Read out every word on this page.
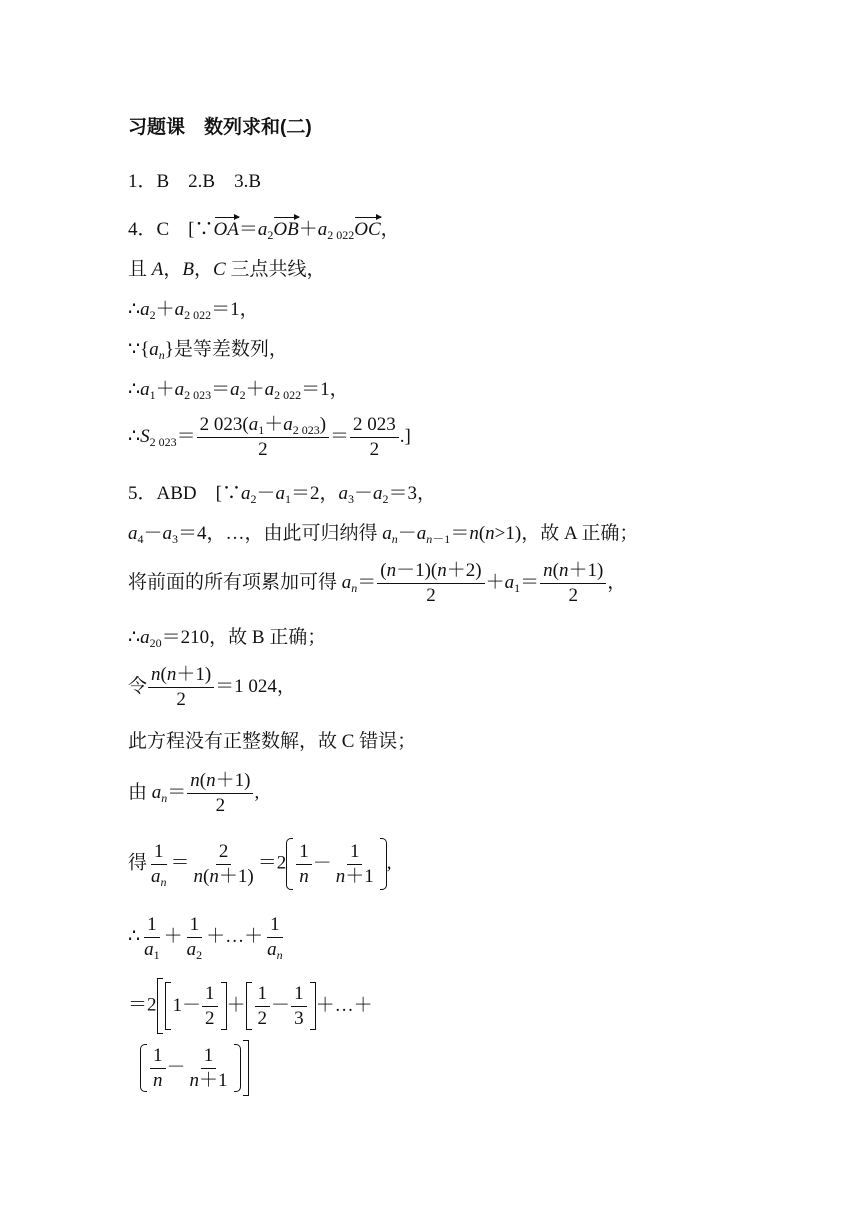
习题课　数列求和(二)
1．B　2.B　3.B
4．C　[$\because OA=a_2OB+a_{2 022}OC$，
且 A，B，C 三点共线，
$\therefore a_2+a_{2 022}=1$，
$\because\{a_n\}$是等差数列，
$\therefore a_1+a_{2 023}=a_2+a_{2 022}=1$，
$\therefore S_{2 023}= \frac{2 023(a_1+a_{2 023})}{2} = \frac{2 023}{2}$ .]
5．ABD　[$\because a_2-a_1=2$，$a_3-a_2=3$，
$a_4-a_3=4$，…，由此可归纳得 $a_n-a_{n-1}=n(n>1)$，故 A 正确；
将前面的所有项累加可得 $a_n= \frac{(n-1)(n+2)}{2} +a_1= \frac{n(n+1)}{2}$ ，
$\therefore a_{20}=210$，故 B 正确；
令 $\frac{n(n+1)}{2} =1$ 024，
此方程没有正整数解，故 C 错误；
由 $a_n= \frac{n(n+1)}{2}$ ,
得 $\frac{1}{a_n} = \frac{2}{n(n+1)} =2 \frac{1}{n} - \frac{1}{n+1}$ ,
∴ $\frac{1}{a_1} + \frac{1}{a_2}$ ＋…＋ $\frac{1}{a_n}$
＝2 $1- \frac{1}{2} + \frac{1}{2} - \frac{1}{3}$ ＋…＋
$\frac{1}{n} - \frac{1}{n+1}$
